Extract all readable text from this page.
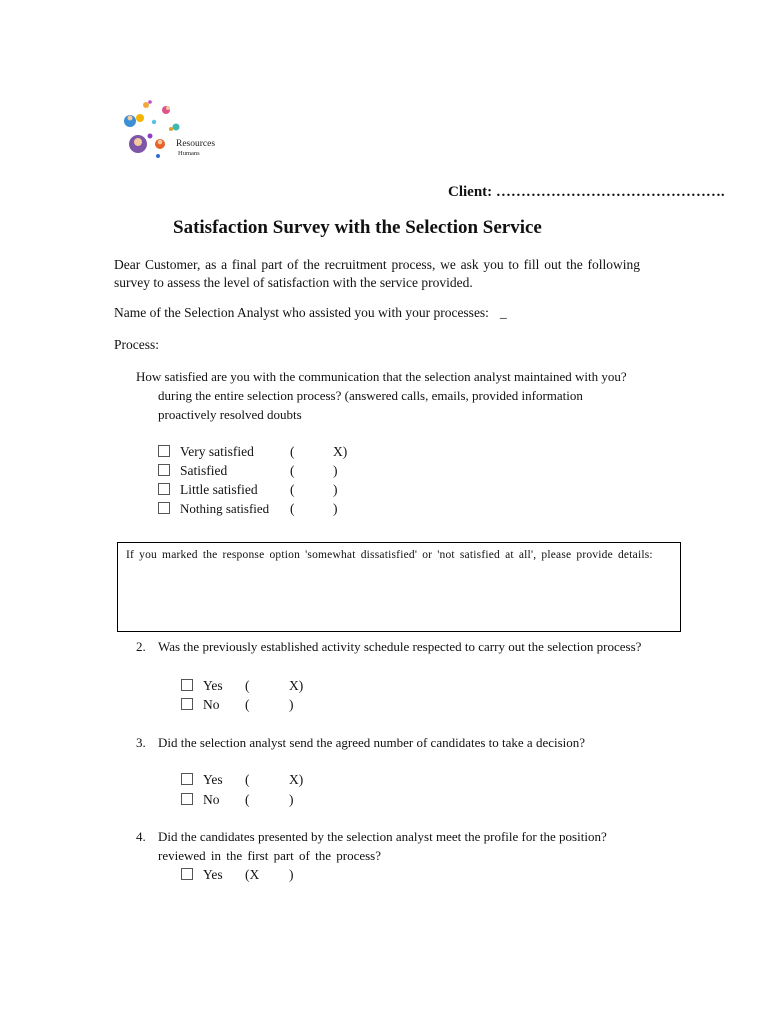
Resources
Humans
Client: ……………………………………….
Satisfaction Survey with the Selection Service
Dear Customer, as a final part of the recruitment process, we ask you to fill out the following survey to assess the level of satisfaction with the service provided.
Name of the Selection Analyst who assisted you with your processes: _
Process:
How satisfied are you with the communication that the selection analyst maintained with you?
during the entire selection process? (answered calls, emails, provided information
proactively resolved doubts
Very satisfied	(	X)
Satisfied	(	)
Little satisfied (	)
Nothing satisfied (	)
If you marked the response option 'somewhat dissatisfied' or 'not satisfied at all', please provide details:
2. Was the previously established activity schedule respected to carry out the selection process?
Yes (	X)
No (	)
3. Did the selection analyst send the agreed number of candidates to take a decision?
Yes (	X)
No (	)
4. Did the candidates presented by the selection analyst meet the profile for the position?
reviewed in the first part of the process?
Yes (X )
